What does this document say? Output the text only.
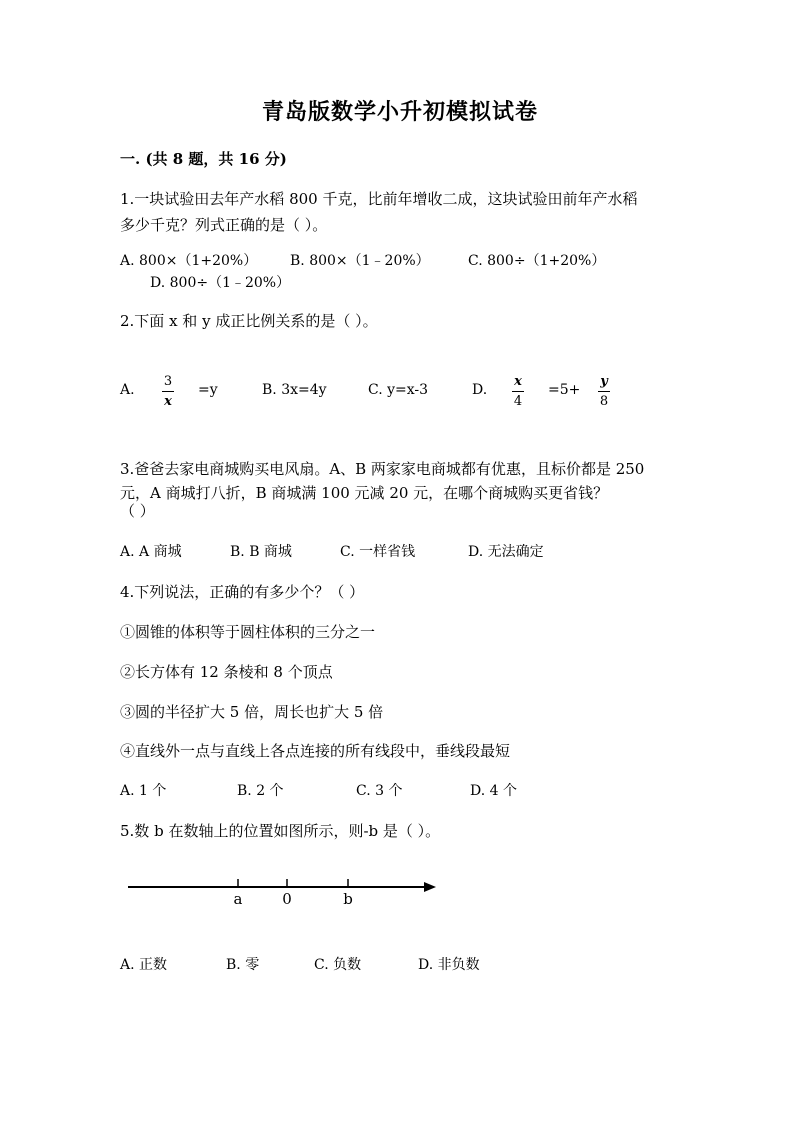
青岛版数学小升初模拟试卷
一. (共 8 题，共 16 分)
1.一块试验田去年产水稻 800 千克，比前年增收二成，这块试验田前年产水稻
多少千克？列式正确的是（ ）。
A. 800×（1+20%） B. 800×（1﹣20%）	C. 800÷（1+20%）
D. 800÷（1﹣20%）
2.下面 x 和 y 成正比例关系的是（ ）。
A.
3
x
=y	B. 3x=4y	C. y=x-3	D.
x
4
=5+
y
8
3.爸爸去家电商城购买电风扇。A、B 两家家电商城都有优惠，且标价都是 250
元，A 商城打八折，B 商城满 100 元减 20 元，在哪个商城购买更省钱？
（ ）
A. A 商城	B. B 商城	C. 一样省钱	D. 无法确定
4.下列说法，正确的有多少个？（ ）
①圆锥的体积等于圆柱体积的三分之一
②长方体有 12 条棱和 8 个顶点
③圆的半径扩大 5 倍，周长也扩大 5 倍
④直线外一点与直线上各点连接的所有线段中，垂线段最短
A. 1 个	B. 2 个	C. 3 个	D. 4 个
5.数 b 在数轴上的位置如图所示，则-b 是（ ）。
a	0	b
A. 正数	B. 零	C. 负数	D. 非负数
